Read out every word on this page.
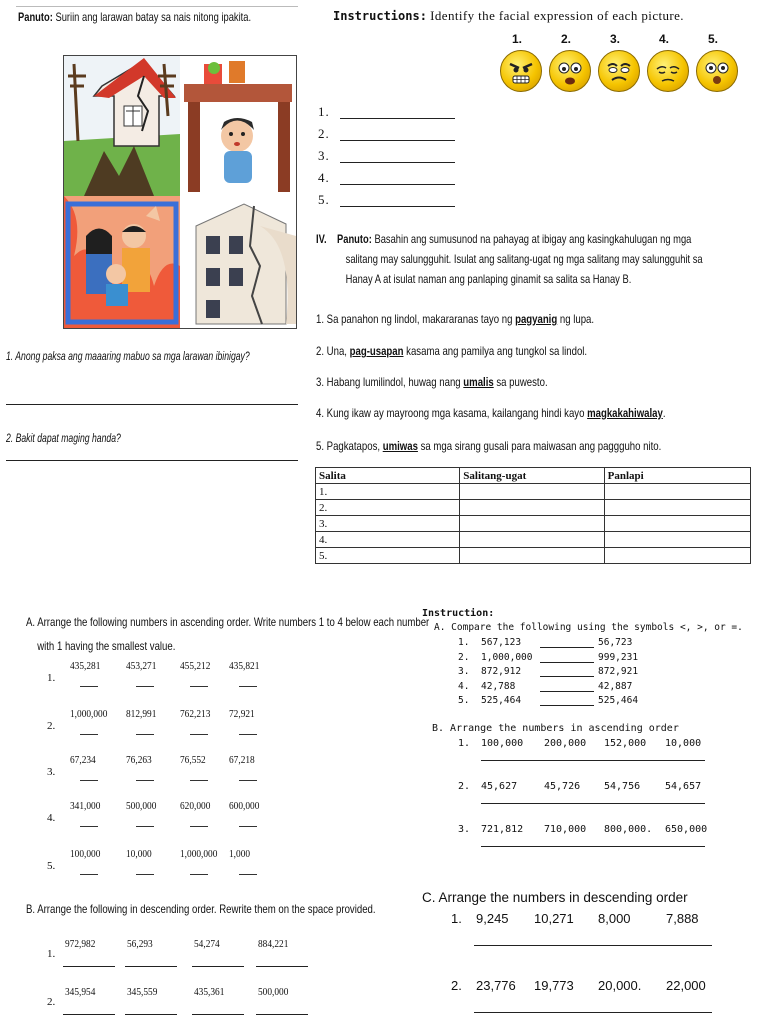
Panuto: Suriin ang larawan batay sa nais nitong ipakita.
1. Anong paksa ang maaaring mabuo sa mga larawan ibinigay?
2. Bakit dapat maging handa?
Instructions: Identify the facial expression of each picture.
IV. Panuto: Basahin ang sumusunod na pahayag at ibigay ang kasingkahulugan ng mga
salitang may salungguhit. Isulat ang salitang-ugat ng mga salitang may salungguhit sa
Hanay A at isulat naman ang panlaping ginamit sa salita sa Hanay B.
1. Sa panahon ng lindol, makararanas tayo ng pagyanig ng lupa.
2. Una, pag-usapan kasama ang pamilya ang tungkol sa lindol.
3. Habang lumilindol, huwag nang umalis sa puwesto.
4. Kung ikaw ay mayroong mga kasama, kailangang hindi kayo magkakahiwalay.
5. Pagkatapos, umiwas sa mga sirang gusali para maiwasan ang paggguho nito.
Salita	Salitang-ugat	Panlapi
1.		
2.		
3.		
4.		
5.		
A. Arrange the following numbers in ascending order. Write numbers 1 to 4 below each number
with 1 having the smallest value.
B. Arrange the following in descending order. Rewrite them on the space provided.
Instruction:
A. Compare the following using the symbols <, >, or =.
B. Arrange the numbers in ascending order
C. Arrange the numbers in descending order
1.	2.	3.	4.	5.
1.
2.
3.
4.
5.
1.
435,281 453,271 455,212 435,821
2.
1,000,000 812,991 762,213 72,921
3.
67,234	76,263	76,552 67,218
4.
341,000 500,000 620,000 600,000
5.
100,000 10,000	1,000,000 1,000
1.
972,982	56,293	54,274	884,221
2.
345,954	345,559	435,361	500,000
1. 567,123	56,723
2. 1,000,000	999,231
3. 872,912	872,921
4. 42,788	42,887
5. 525,464	525,464
1. 100,000 200,000 152,000 10,000
2. 45,627	45,726 54,756 54,657
3. 721,812 710,000 800,000. 650,000
1. 9,245 10,271 8,000	7,888
2. 23,776 19,773 20,000. 22,000
